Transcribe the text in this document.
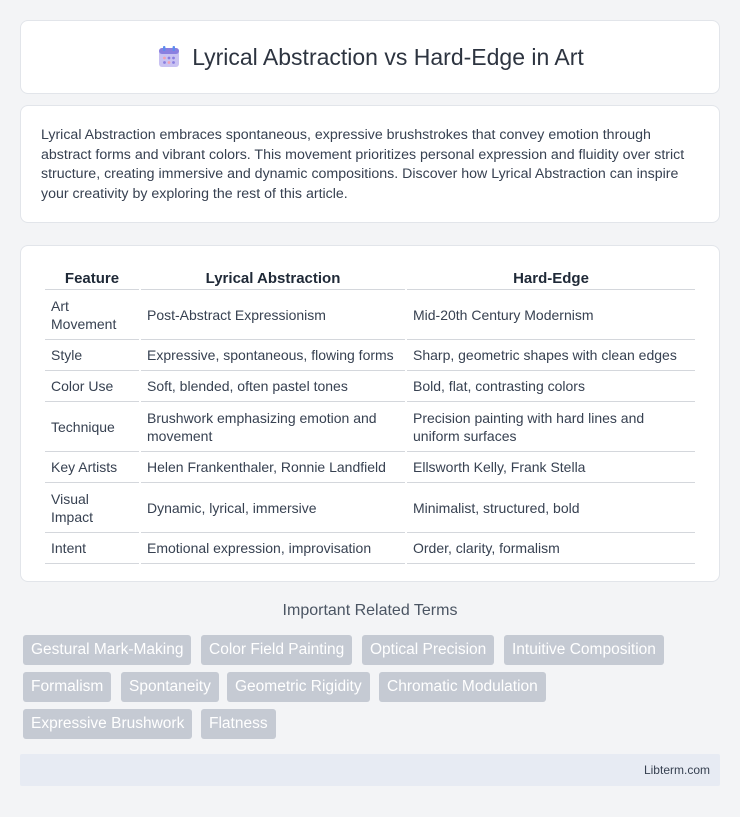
Lyrical Abstraction vs Hard-Edge in Art

Lyrical Abstraction embraces spontaneous, expressive brushstrokes that convey emotion through abstract forms and vibrant colors. This movement prioritizes personal expression and fluidity over strict structure, creating immersive and dynamic compositions. Discover how Lyrical Abstraction can inspire your creativity by exploring the rest of this article.

Feature	Lyrical Abstraction	Hard-Edge
Art Movement	Post-Abstract Expressionism	Mid-20th Century Modernism
Style	Expressive, spontaneous, flowing forms	Sharp, geometric shapes with clean edges
Color Use	Soft, blended, often pastel tones	Bold, flat, contrasting colors
Technique	Brushwork emphasizing emotion and movement	Precision painting with hard lines and uniform surfaces
Key Artists	Helen Frankenthaler, Ronnie Landfield	Ellsworth Kelly, Frank Stella
Visual Impact	Dynamic, lyrical, immersive	Minimalist, structured, bold
Intent	Emotional expression, improvisation	Order, clarity, formalism
Important Related Terms
Gestural Mark-Making	Color Field Painting	Optical Precision	Intuitive Composition
Formalism	Spontaneity	Geometric Rigidity	Chromatic Modulation
Expressive Brushwork	Flatness
Libterm.com
